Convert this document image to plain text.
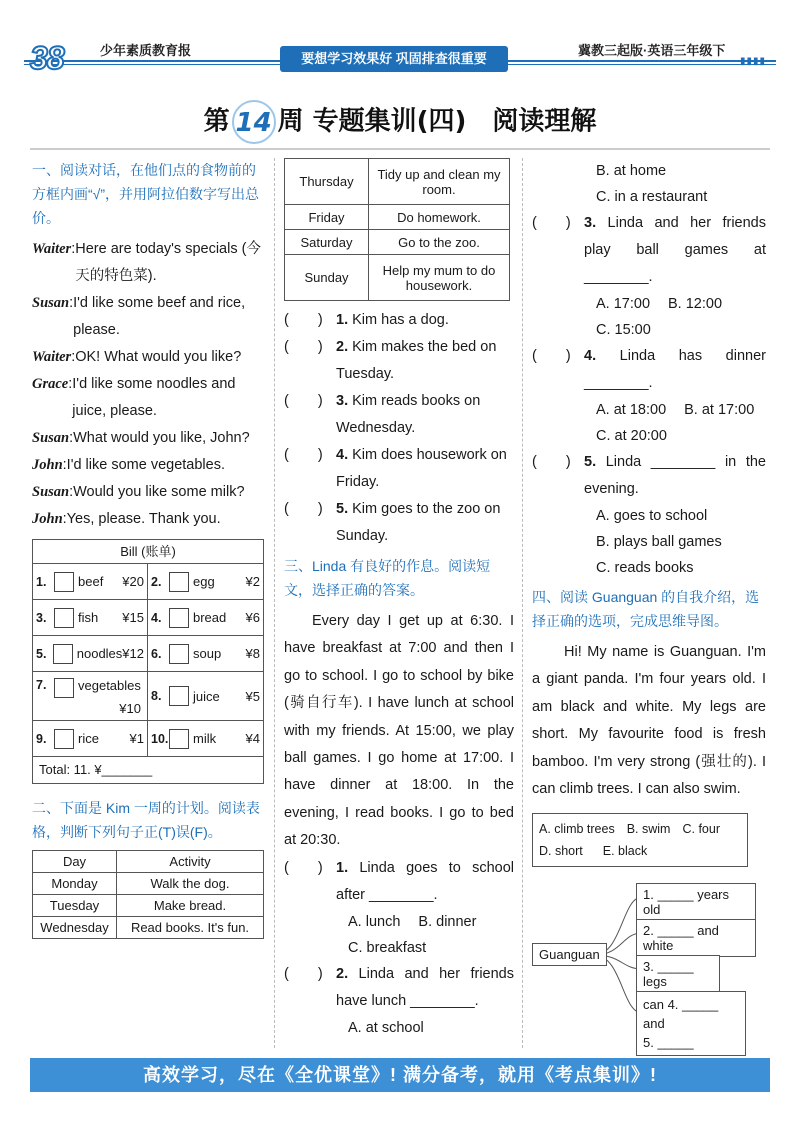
38	少年素质教育报
要想学习效果好 巩固排查很重要
冀教三起版·英语三年级下
▮▮▮▮
第 14 周 专题集训(四)　阅读理解
一、阅读对话，在他们点的食物前的方框内画“√”，并用阿拉伯数字写出总价。
Waiter : Here are today's specials (今天的特色菜).
Susan : I'd like some beef and rice, please.
Waiter : OK! What would you like?
Grace : I'd like some noodles and juice, please.
Susan : What would you like, John?
John : I'd like some vegetables.
Susan : Would you like some milk?
John : Yes, please. Thank you.
Bill (账单)
1.	beef	¥20 2.	egg	¥2
3.	fish	¥15 4.	bread	¥6
5.	noodles ¥12 6.	soup	¥8
7.	vegetables
¥10
8.	juice	¥5
9.	rice	¥1 10. milk	¥4
Total: 11. ¥_______
二、下面是 Kim 一周的计划。阅读表格，判断下列句子正(T)误(F)。
Day	Activity
Monday	Walk the dog.
Tuesday	Make bread.
Wednesday	Read books. It's fun.
Thursday	Tidy up and clean my room.
Friday	Do homework.
Saturday	Go to the zoo.
Sunday	Help my mum to do housework.
(　　) 1. Kim has a dog.
(　　) 2. Kim makes the bed on Tuesday.
(　　) 3. Kim reads books on Wednesday.
(　　) 4. Kim does housework on Friday.
(　　) 5. Kim goes to the zoo on Sunday.
三、Linda 有良好的作息。阅读短文，选择正确的答案。
Every day I get up at 6:30. I have breakfast at 7:00 and then I go to school. I go to school by bike (骑自行车). I have lunch at school with my friends. At 15:00, we play ball games. I go home at 17:00. I have dinner at 18:00. In the evening, I read books. I go to bed at 20:30.
(　　) 1. Linda goes to school after ________.
A. lunch B. dinner
C. breakfast
(　　) 2. Linda and her friends have lunch ________.
A. at school
B. at home
C. in a restaurant
(　　) 3. Linda and her friends play ball games at ________.
A. 17:00 B. 12:00
C. 15:00
(　　) 4. Linda has dinner ________.
A. at 18:00 B. at 17:00
C. at 20:00
(　　) 5. Linda ________ in the evening.
A. goes to school
B. plays ball games
C. reads books
四、阅读 Guanguan 的自我介绍，选择正确的选项，完成思维导图。
Hi! My name is Guanguan. I'm a giant panda. I'm four years old. I am black and white. My legs are short. My favourite food is fresh bamboo. I'm very strong (强壮的). I can climb trees. I can also swim.
A. climb trees B. swim C. four
D. short E. black
Guanguan
1. _____ years old
2. _____ and white
3. _____ legs
can 4. _____ and
5. _____
高效学习，尽在《全优课堂》! 满分备考，就用《考点集训》!
